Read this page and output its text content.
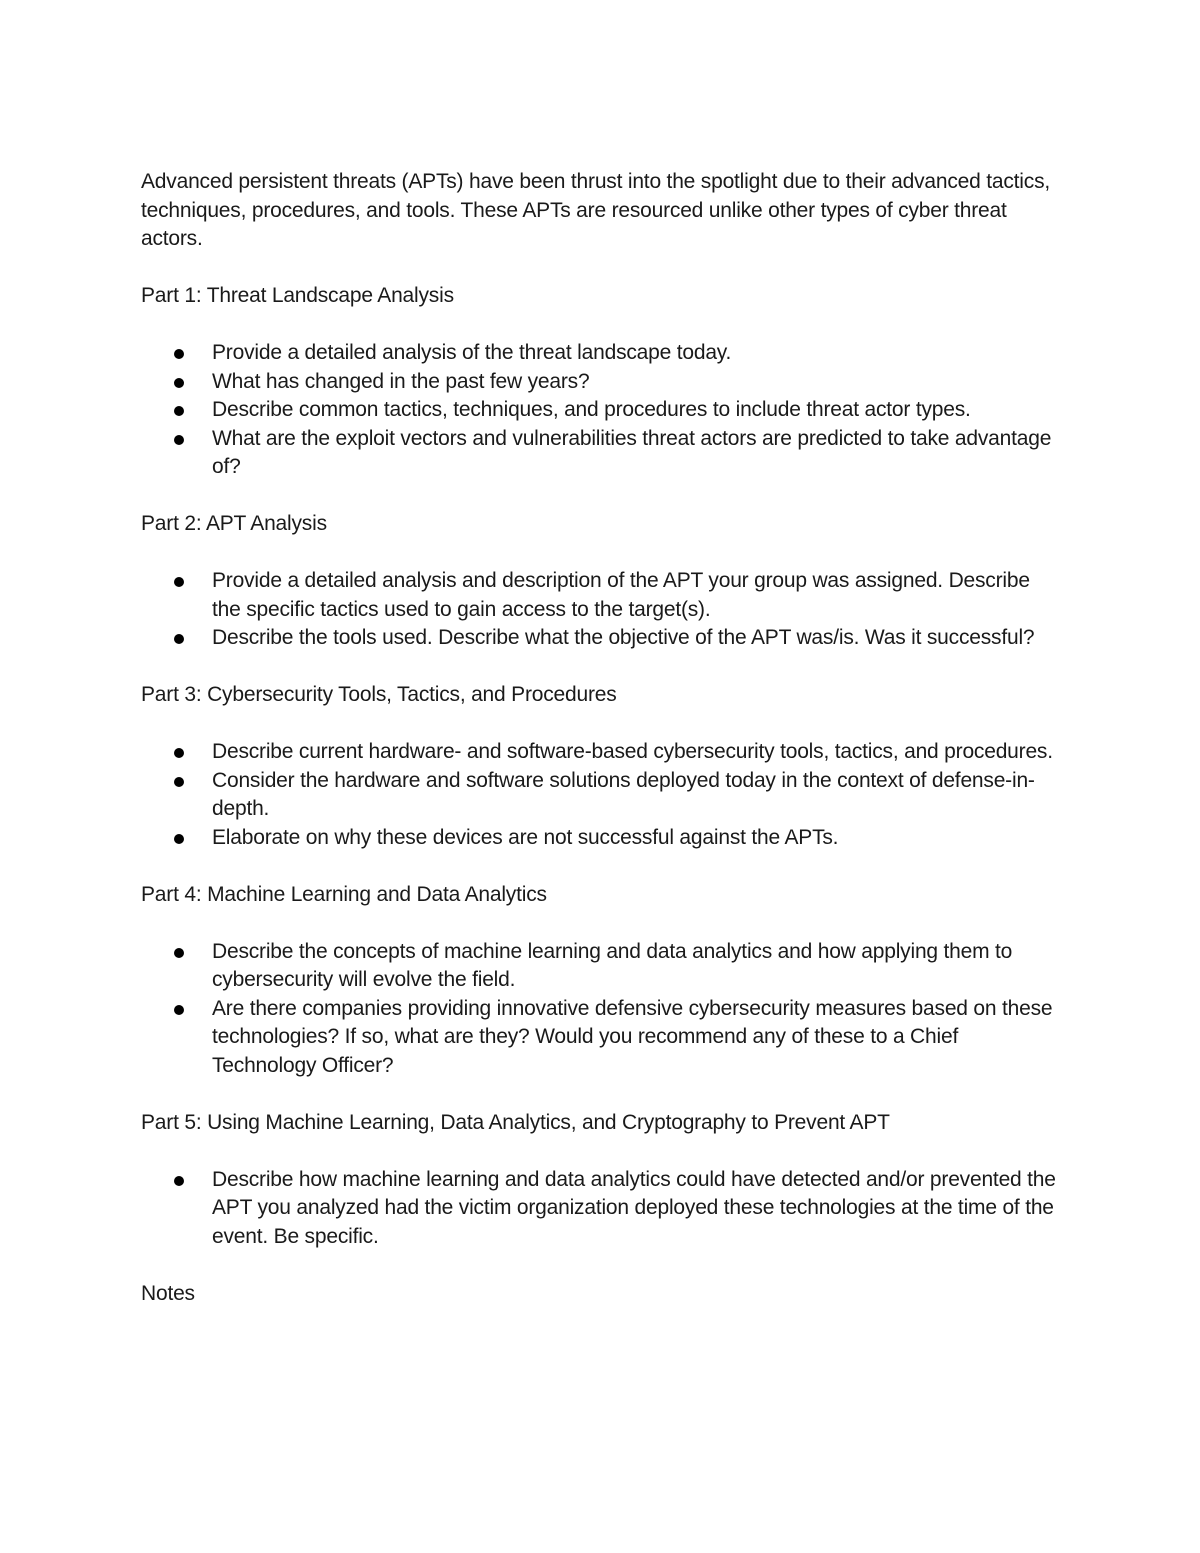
Advanced persistent threats (APTs) have been thrust into the spotlight due to their advanced tactics, techniques, procedures, and tools. These APTs are resourced unlike other types of cyber threat actors.

Part 1: Threat Landscape Analysis

Provide a detailed analysis of the threat landscape today.
What has changed in the past few years?
Describe common tactics, techniques, and procedures to include threat actor types.
What are the exploit vectors and vulnerabilities threat actors are predicted to take advantage of?

Part 2: APT Analysis

Provide a detailed analysis and description of the APT your group was assigned. Describe the specific tactics used to gain access to the target(s).
Describe the tools used. Describe what the objective of the APT was/is. Was it successful?

Part 3: Cybersecurity Tools, Tactics, and Procedures

Describe current hardware- and software-based cybersecurity tools, tactics, and procedures.
Consider the hardware and software solutions deployed today in the context of defense-in-depth.
Elaborate on why these devices are not successful against the APTs.

Part 4: Machine Learning and Data Analytics

Describe the concepts of machine learning and data analytics and how applying them to cybersecurity will evolve the field.
Are there companies providing innovative defensive cybersecurity measures based on these technologies? If so, what are they? Would you recommend any of these to a Chief Technology Officer?

Part 5: Using Machine Learning, Data Analytics, and Cryptography to Prevent APT

Describe how machine learning and data analytics could have detected and/or prevented the APT you analyzed had the victim organization deployed these technologies at the time of the event. Be specific.

Notes
